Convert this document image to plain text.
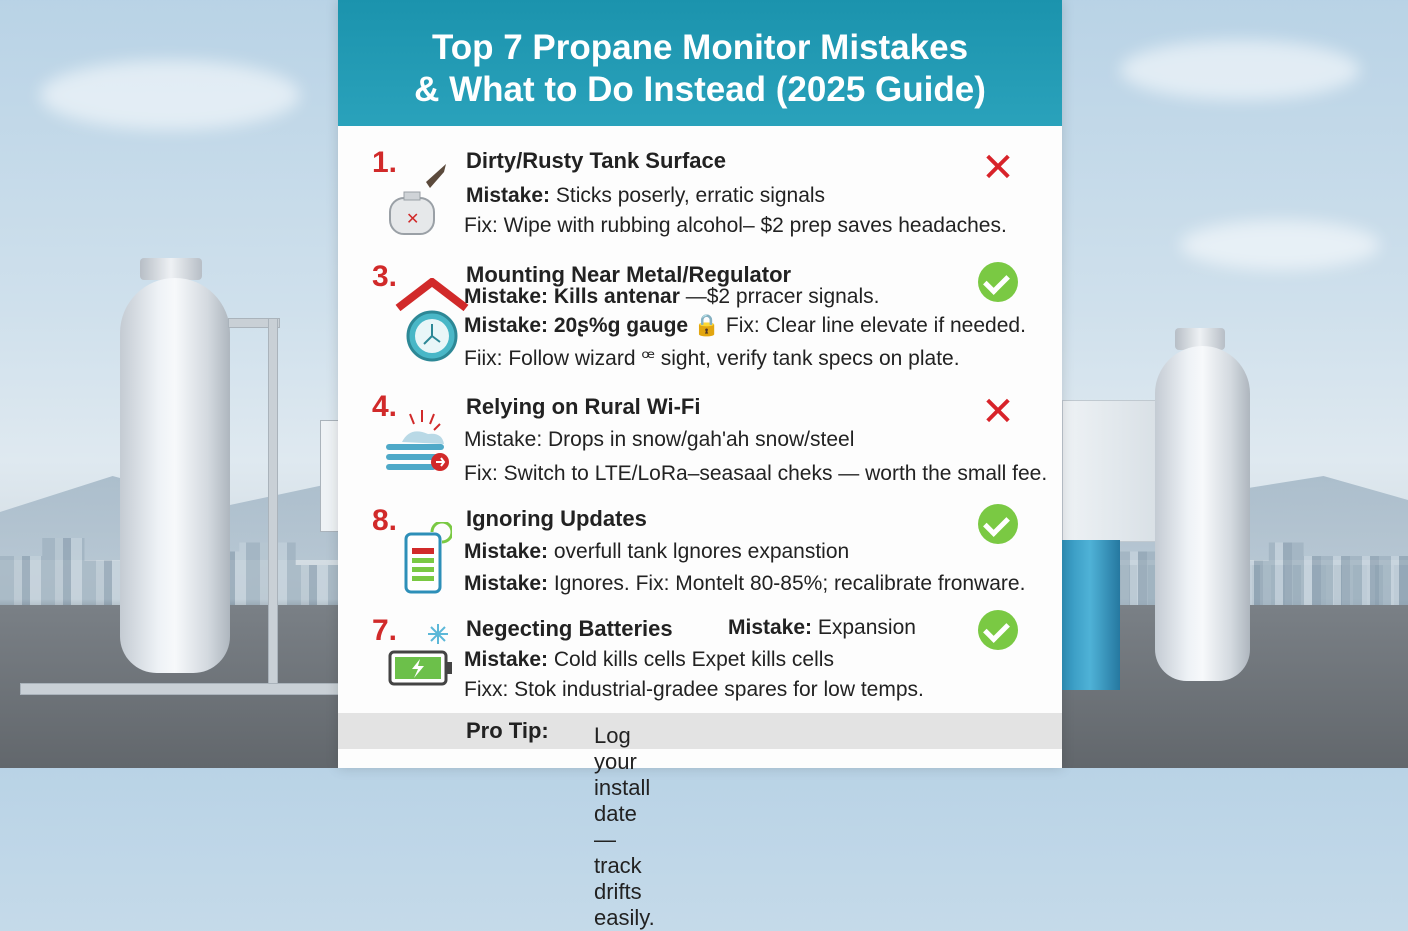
Top 7 Propane Monitor Mistakes
& What to Do Instead (2025 Guide)
1.	Dirty/Rusty Tank Surface
Mistake: Sticks poserly, erratic signals
Fix: Wipe with rubbing alcohol– $2 prep saves headaches.
✕
✕
3.	Mounting Near Metal/Regulator
Mistake: Kills antenar —$2 prracer signals.
Mistake: 20ʂ%g gauge 🔒 Fix: Clear line elevate if needed.
Fiix: Follow wizard ꟹ sight, verify tank specs on plate.
4.	Relying on Rural Wi-Fi
Mistake: Drops in snow/gah'ah snow/steel
Fix: Switch to LTE/LoRa–seasaal cheks — worth the small fee.
✕
8.	Ignoring Updates
Mistake: overfull tank lgnores expanstion
Mistake: Ignores. Fix: Montelt 80-85%; recalibrate fronware.
7.	Negecting Batteries	Mistake: Expansion
Mistake: Cold kills cells Expet kills cells
Fixx: Stok industrial-gradee spares for low temps.
Pro Tip: Log your install date—track drifts easily.
